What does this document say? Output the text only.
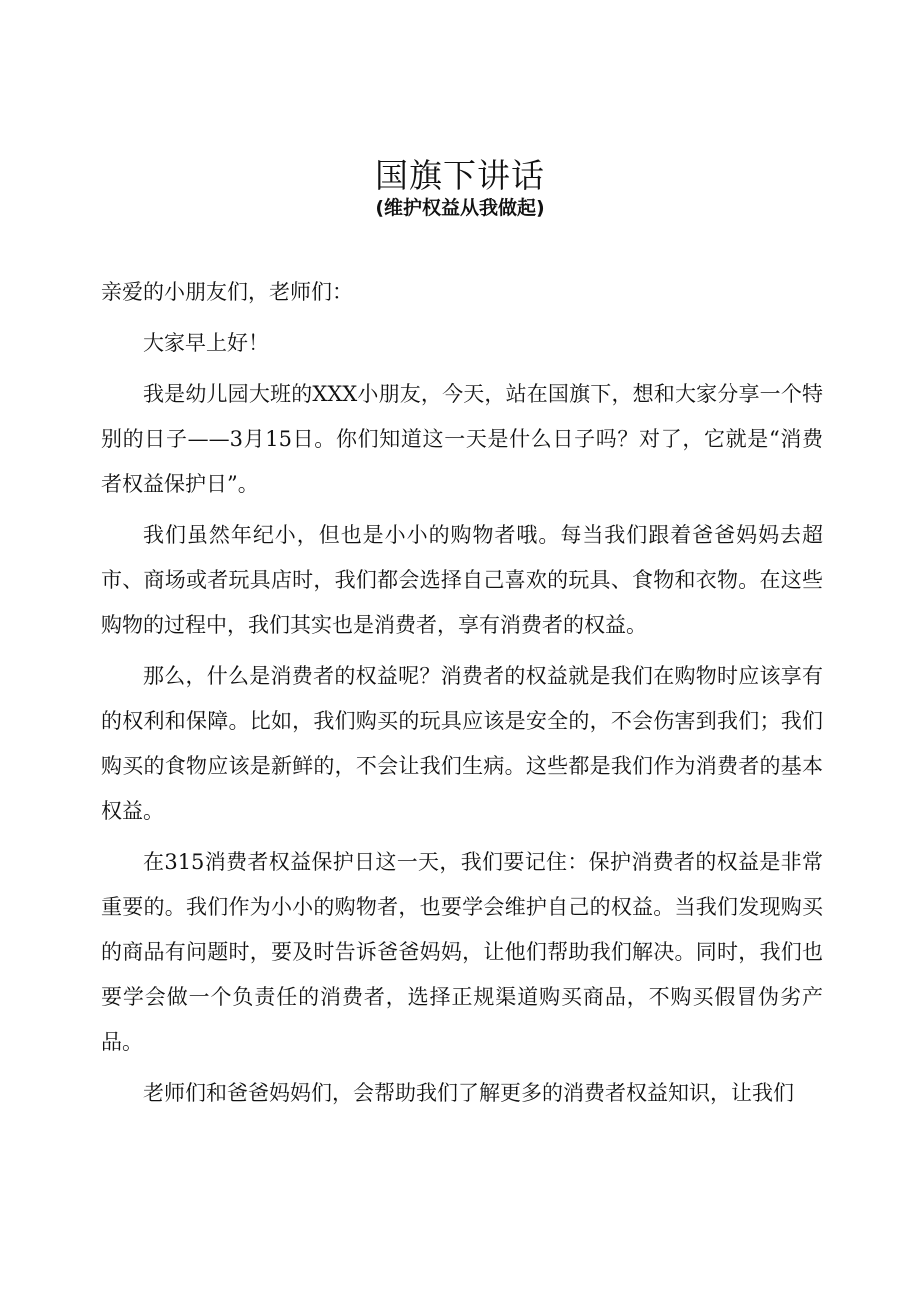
国旗下讲话
(维护权益从我做起)

亲爱的小朋友们，老师们：

大家早上好！

我是幼儿园大班的XXX小朋友，今天，站在国旗下，想和大家分享一个特别的日子——3月15日。你们知道这一天是什么日子吗？对了，它就是“消费者权益保护日”。

我们虽然年纪小，但也是小小的购物者哦。每当我们跟着爸爸妈妈去超市、商场或者玩具店时，我们都会选择自己喜欢的玩具、食物和衣物。在这些购物的过程中，我们其实也是消费者，享有消费者的权益。

那么，什么是消费者的权益呢？消费者的权益就是我们在购物时应该享有的权利和保障。比如，我们购买的玩具应该是安全的，不会伤害到我们；我们购买的食物应该是新鲜的，不会让我们生病。这些都是我们作为消费者的基本权益。

在315消费者权益保护日这一天，我们要记住：保护消费者的权益是非常重要的。我们作为小小的购物者，也要学会维护自己的权益。当我们发现购买的商品有问题时，要及时告诉爸爸妈妈，让他们帮助我们解决。同时，我们也要学会做一个负责任的消费者，选择正规渠道购买商品，不购买假冒伪劣产品。

老师们和爸爸妈妈们，会帮助我们了解更多的消费者权益知识，让我们
